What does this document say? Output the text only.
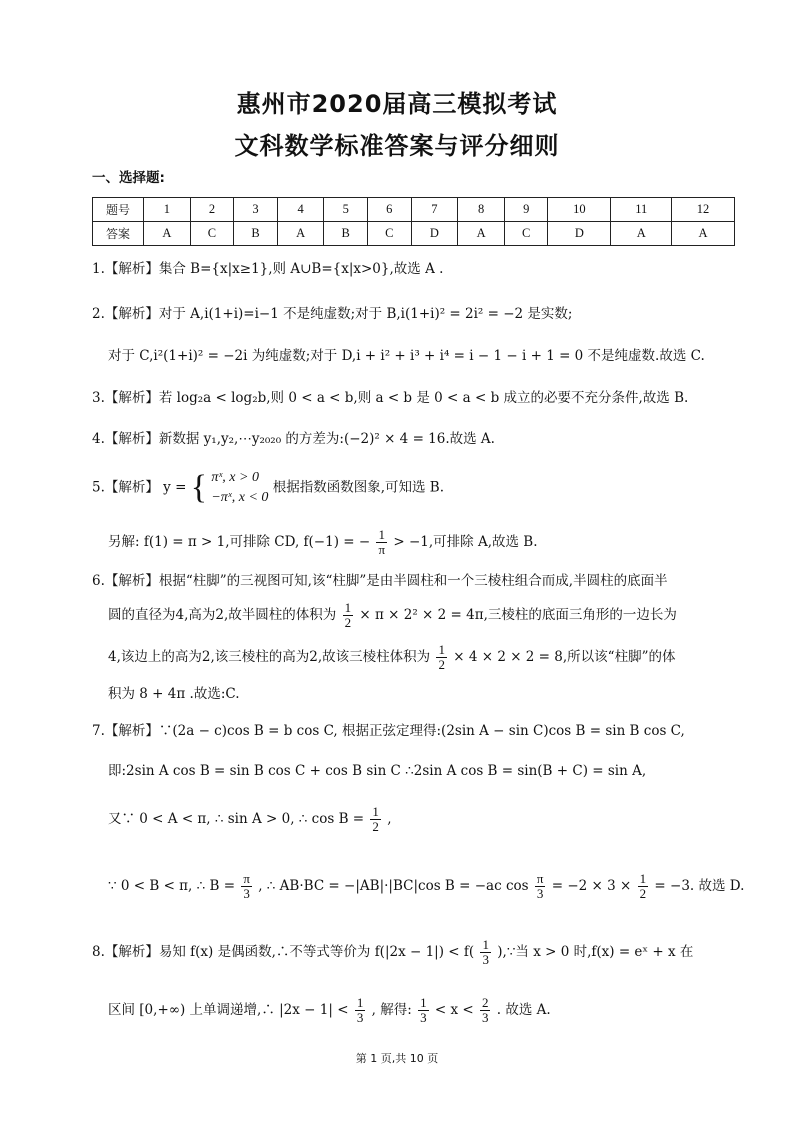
惠州市2020届高三模拟考试
文科数学标准答案与评分细则
一、选择题:
题号	1	2	3	4	5	6	7	8	9	10	11	12
答案	A	C	B	A	B	C	D	A	C	D	A	A
1.【解析】集合 B={x|x≥1},则 A∪B={x|x>0},故选 A .
2.【解析】对于 A,i(1+i)=i−1 不是纯虚数;对于 B,i(1+i)² = 2i² = −2 是实数;
对于 C,i²(1+i)² = −2i 为纯虚数;对于 D,i + i² + i³ + i⁴ = i − 1 − i + 1 = 0 不是纯虚数.故选 C.
3.【解析】若 log₂a < log₂b,则 0 < a < b,则 a < b 是 0 < a < b 成立的必要不充分条件,故选 B.
4.【解析】新数据 y₁,y₂,⋯y₂₀₂₀ 的方差为:(−2)² × 4 = 16.故选 A.
5.【解析】 y = { πˣ, x > 0
−πˣ, x < 0
根据指数函数图象,可知选 B.
另解: f(1) = π > 1,可排除 CD, f(−1) = − $\frac{1}{\pi} > -1$,可排除 A,故选 B.
6.【解析】根据“柱脚”的三视图可知,该“柱脚”是由半圆柱和一个三棱柱组合而成,半圆柱的底面半
圆的直径为4,高为2,故半圆柱的体积为 $\frac{1}{2} \times \pi \times 2^2 \times 2 = 4\pi$,三棱柱的底面三角形的一边长为
4,该边上的高为2,该三棱柱的高为2,故该三棱柱体积为 $\frac{1}{2} \times 4 \times 2 \times 2 = 8$,所以该“柱脚”的体
积为 8 + 4π .故选:C.
7.【解析】∵(2a − c)cos B = b cos C, 根据正弦定理得:(2sin A − sin C)cos B = sin B cos C,
即:2sin A cos B = sin B cos C + cos B sin C ∴2sin A cos B = sin(B + C) = sin A,
又∵ 0 < A < π, ∴ sin A > 0, ∴ $\cos B = \frac{1}{2}$ ,
∵ 0 < B < π, ∴ $B = \frac{\pi}{3}$ , ∴ AB·BC = −|AB|·|BC|cos B = −ac $\cos \frac{\pi}{3} = -2 \times 3 \times \frac{1}{2} = -3$. 故选 D.
8.【解析】易知 f(x) 是偶函数,∴不等式等价为 $f(|2x - 1|) < f( \frac{1}{3}$ ),∵当 x > 0 时,f(x) = eˣ + x 在
区间 [0,+∞) 上单调递增,∴ $|2x - 1| < \frac{1}{3}$ , 解得: $\frac{1}{3} < x < \frac{2}{3}$ . 故选 A.
第 1 页,共 10 页
